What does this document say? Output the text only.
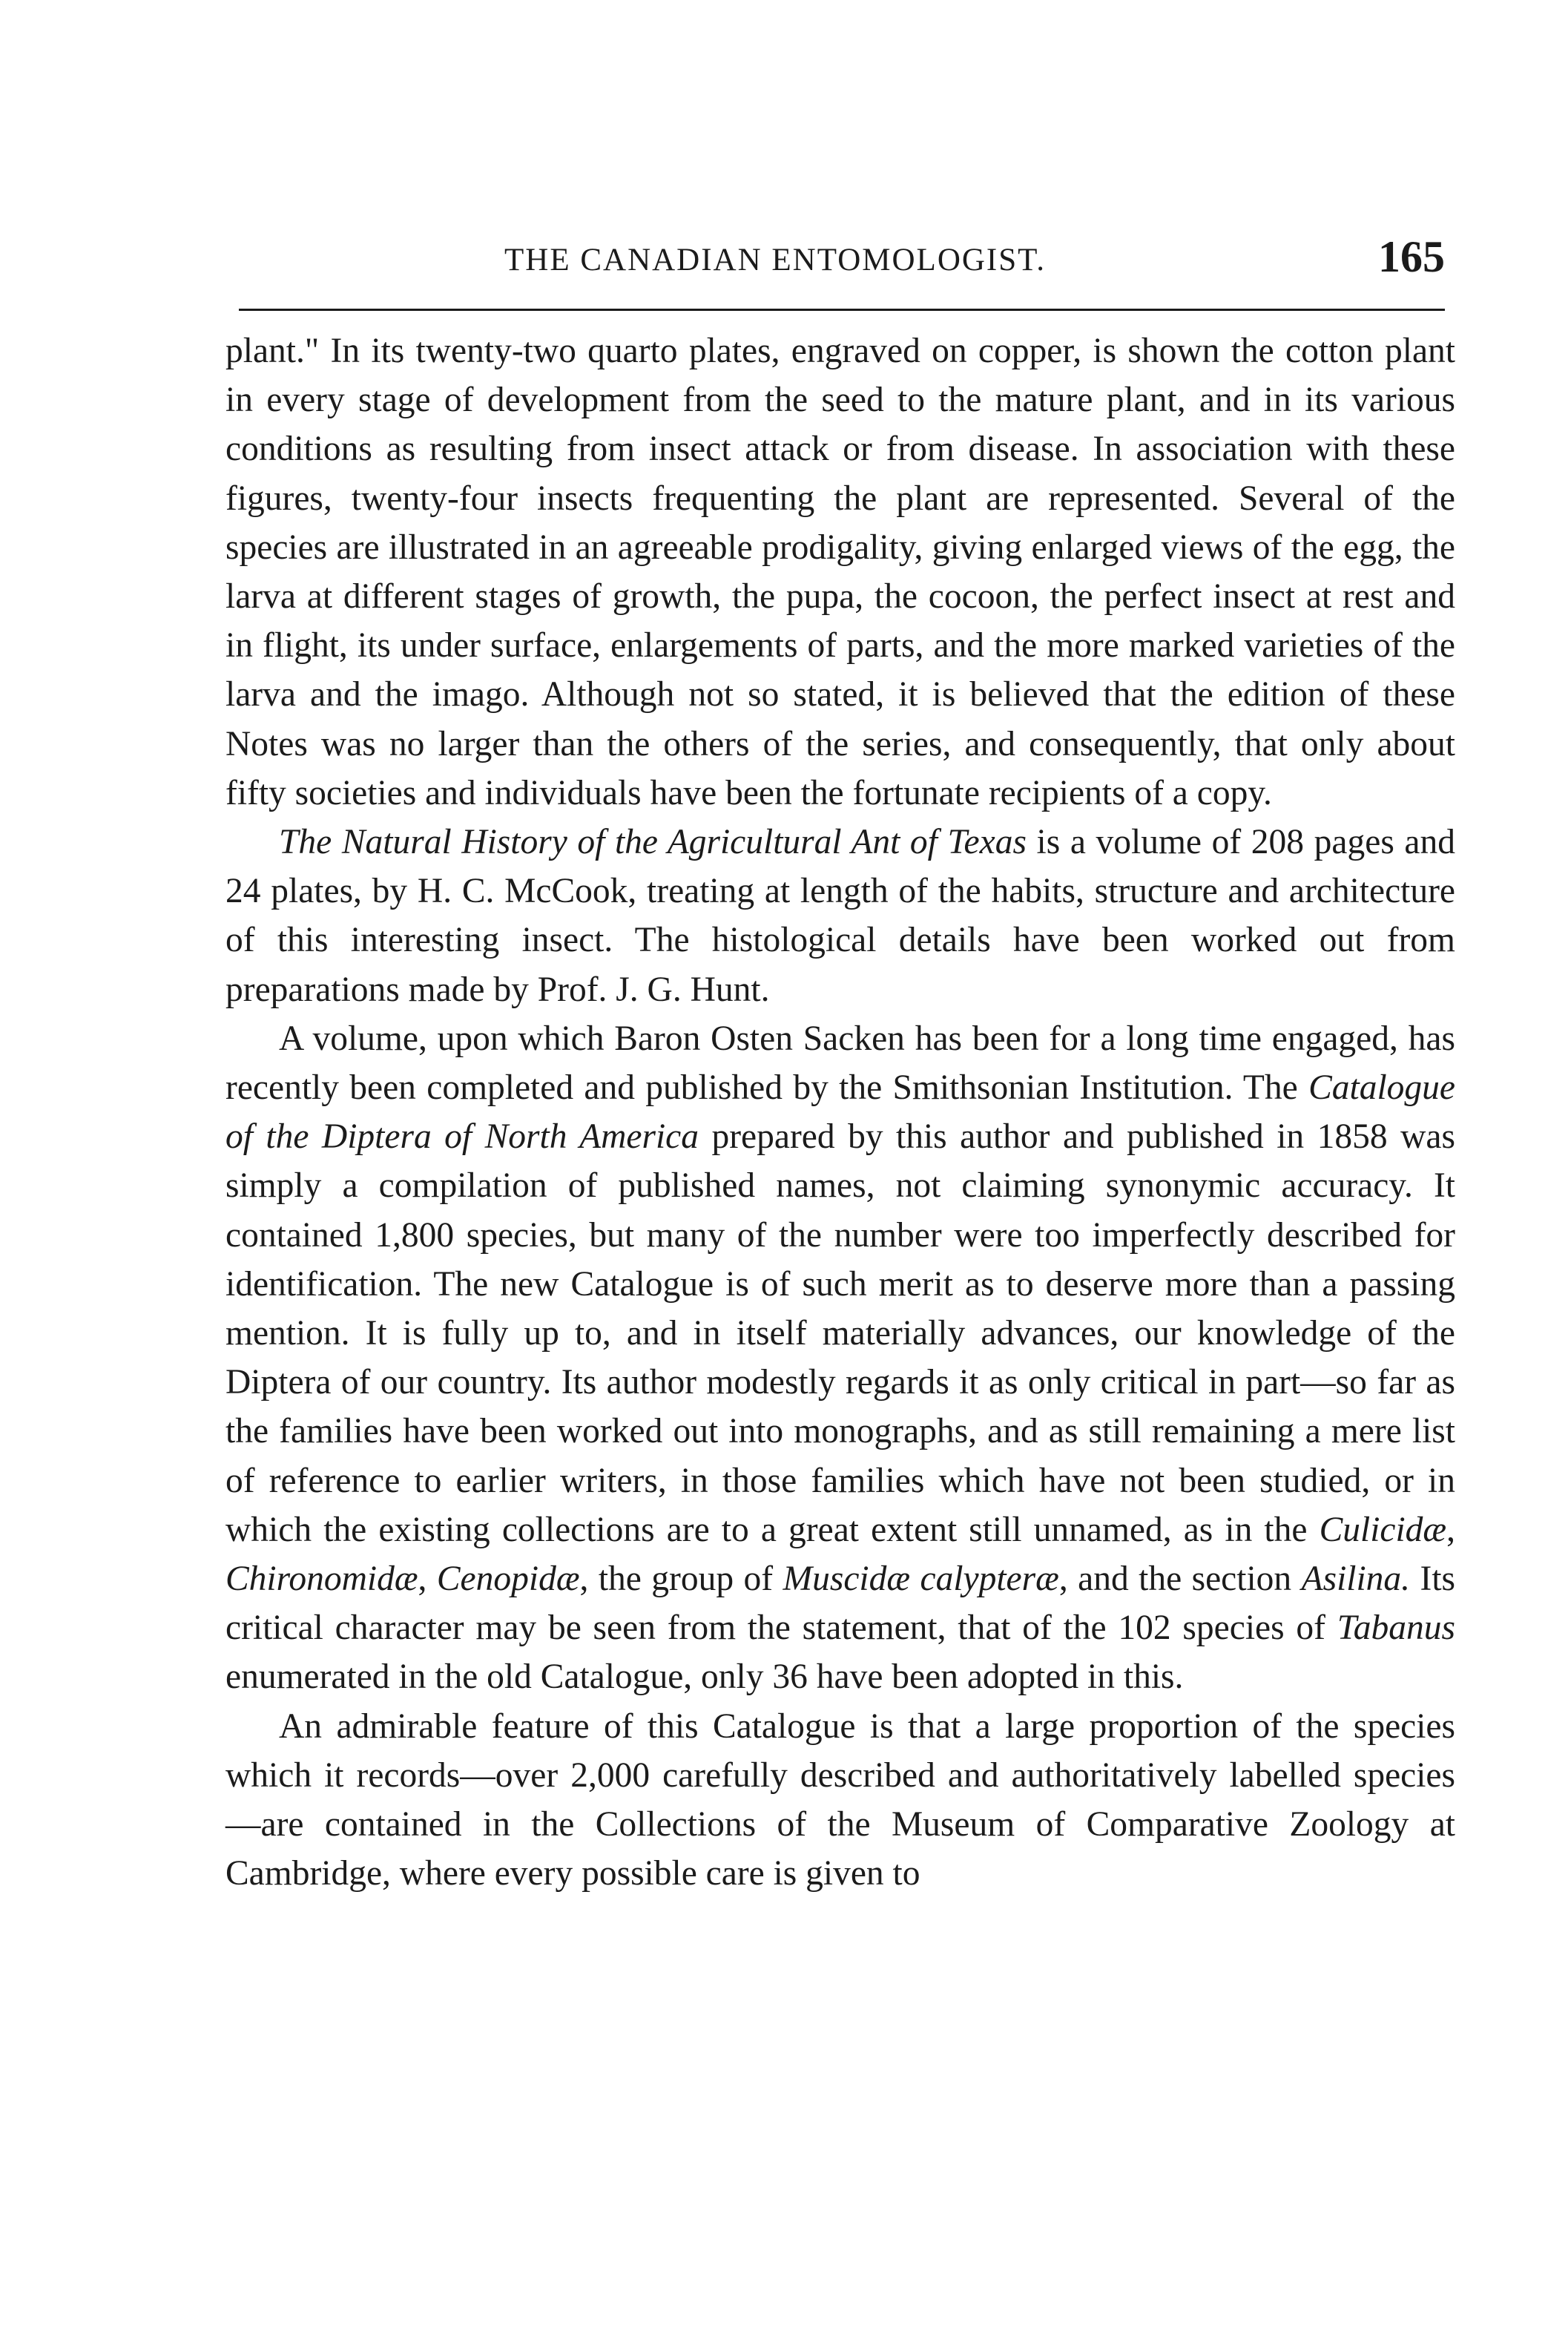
THE CANADIAN ENTOMOLOGIST.	165

plant." In its twenty-two quarto plates, engraved on copper, is shown the cotton plant in every stage of development from the seed to the mature plant, and in its various conditions as resulting from insect attack or from disease. In association with these figures, twenty-four insects frequenting the plant are represented. Several of the species are illustrated in an agreeable prodigality, giving enlarged views of the egg, the larva at different stages of growth, the pupa, the cocoon, the perfect insect at rest and in flight, its under surface, enlargements of parts, and the more marked varieties of the larva and the imago. Although not so stated, it is believed that the edition of these Notes was no larger than the others of the series, and consequently, that only about fifty societies and individuals have been the fortunate recipients of a copy.

The Natural History of the Agricultural Ant of Texas is a volume of 208 pages and 24 plates, by H. C. McCook, treating at length of the habits, structure and architecture of this interesting insect. The histological details have been worked out from preparations made by Prof. J. G. Hunt.

A volume, upon which Baron Osten Sacken has been for a long time engaged, has recently been completed and published by the Smithsonian Institution. The Catalogue of the Diptera of North America prepared by this author and published in 1858 was simply a compilation of published names, not claiming synonymic accuracy. It contained 1,800 species, but many of the number were too imperfectly described for identification. The new Catalogue is of such merit as to deserve more than a passing mention. It is fully up to, and in itself materially advances, our knowledge of the Diptera of our country. Its author modestly regards it as only critical in part—so far as the families have been worked out into monographs, and as still remaining a mere list of reference to earlier writers, in those families which have not been studied, or in which the existing collections are to a great extent still unnamed, as in the Culicidæ, Chironomidæ, Cenopidæ, the group of Muscidæ calypteræ, and the section Asilina. Its critical character may be seen from the statement, that of the 102 species of Tabanus enumerated in the old Catalogue, only 36 have been adopted in this.

An admirable feature of this Catalogue is that a large proportion of the species which it records—over 2,000 carefully described and authoritatively labelled species—are contained in the Collections of the Museum of Comparative Zoology at Cambridge, where every possible care is given to
